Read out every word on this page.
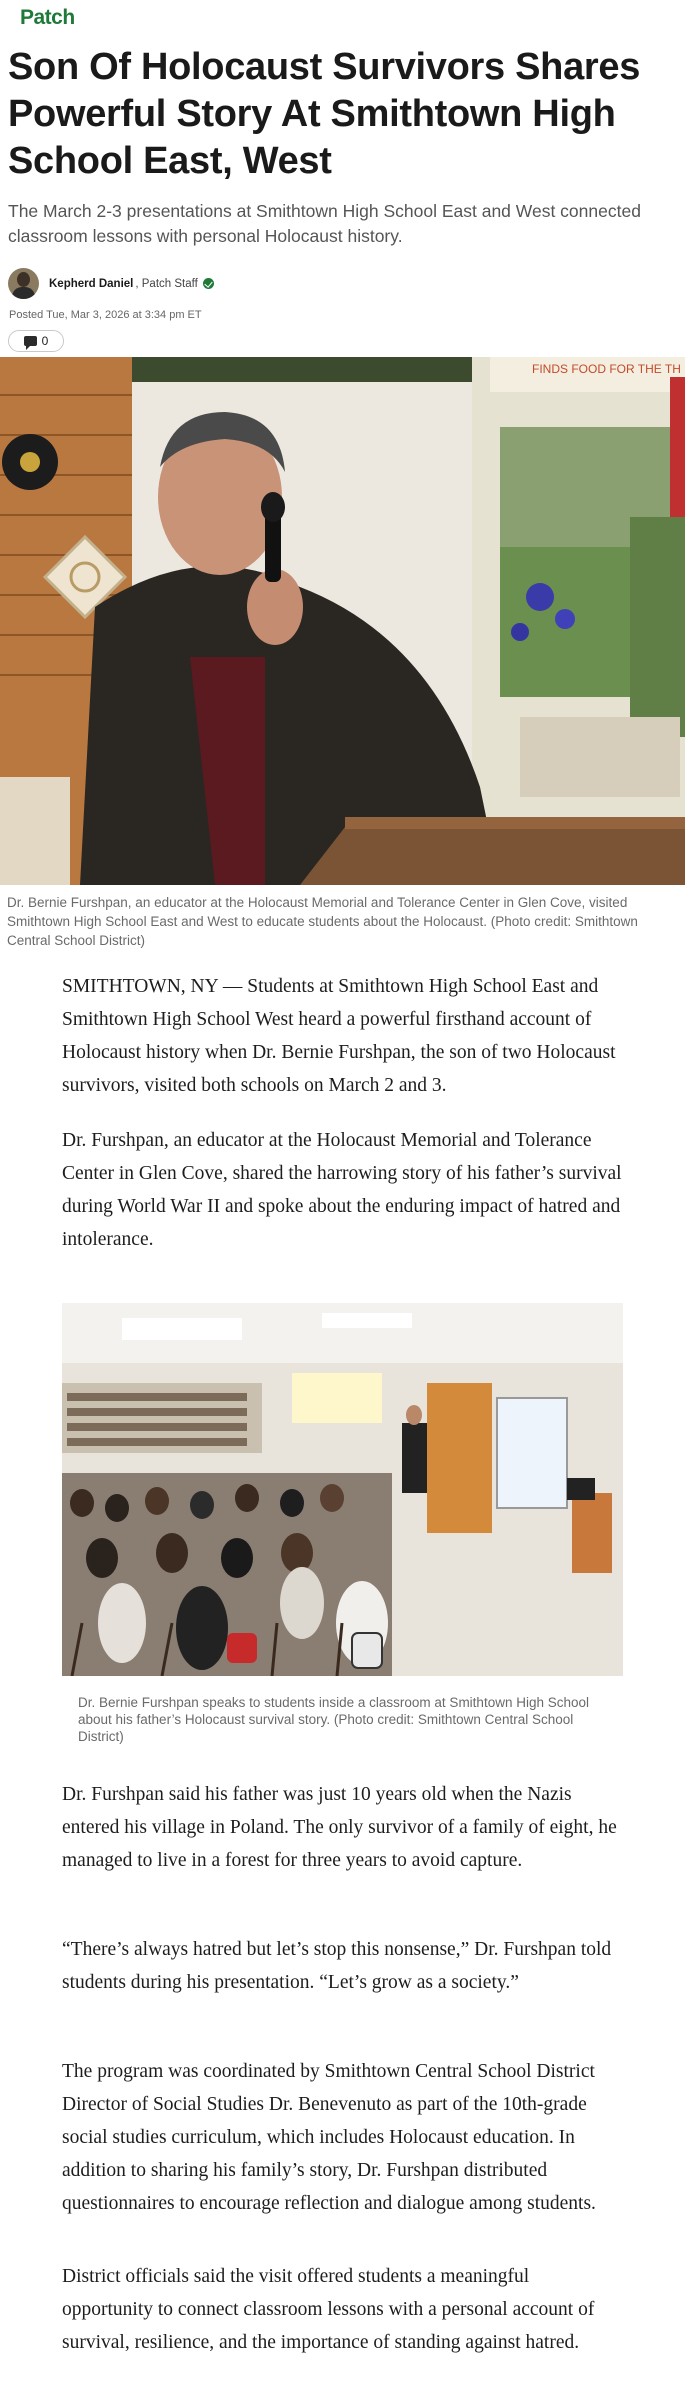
Patch
Son Of Holocaust Survivors Shares Powerful Story At Smithtown High School East, West

The March 2-3 presentations at Smithtown High School East and West connected classroom lessons with personal Holocaust history.

Kepherd Daniel , Patch Staff
Posted Tue, Mar 3, 2026 at 3:34 pm ET
0
FINDS FOOD FOR THE TH
Dr. Bernie Furshpan, an educator at the Holocaust Memorial and Tolerance Center in Glen Cove, visited Smithtown High School East and West to educate students about the Holocaust. (Photo credit: Smithtown Central School District)

SMITHTOWN, NY — Students at Smithtown High School East and Smithtown High School West heard a powerful firsthand account of Holocaust history when Dr. Bernie Furshpan, the son of two Holocaust survivors, visited both schools on March 2 and 3.

Dr. Furshpan, an educator at the Holocaust Memorial and Tolerance Center in Glen Cove, shared the harrowing story of his father’s survival during World War II and spoke about the enduring impact of hatred and intolerance.

Dr. Bernie Furshpan speaks to students inside a classroom at Smithtown High School about his father’s Holocaust survival story. (Photo credit: Smithtown Central School District)

Dr. Furshpan said his father was just 10 years old when the Nazis entered his village in Poland. The only survivor of a family of eight, he managed to live in a forest for three years to avoid capture.

“There’s always hatred but let’s stop this nonsense,” Dr. Furshpan told students during his presentation. “Let’s grow as a society.”

The program was coordinated by Smithtown Central School District Director of Social Studies Dr. Benevenuto as part of the 10th-grade social studies curriculum, which includes Holocaust education. In addition to sharing his family’s story, Dr. Furshpan distributed questionnaires to encourage reflection and dialogue among students.

District officials said the visit offered students a meaningful opportunity to connect classroom lessons with a personal account of survival, resilience, and the importance of standing against hatred.
